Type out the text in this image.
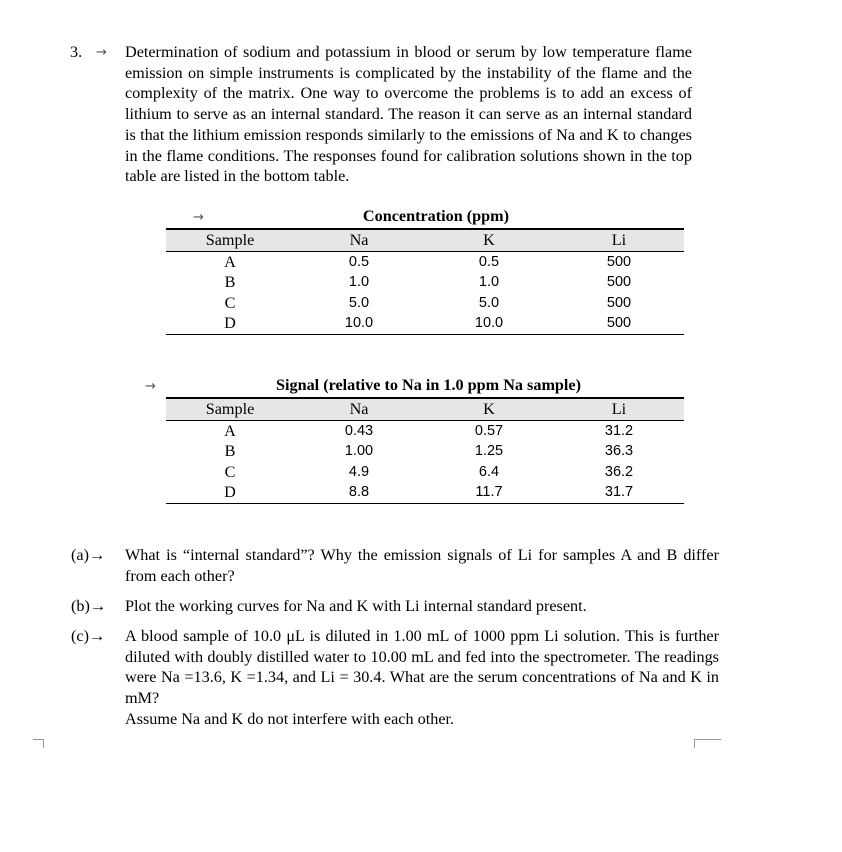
3. → Determination of sodium and potassium in blood or serum by low temperature flame emission on simple instruments is complicated by the instability of the flame and the complexity of the matrix. One way to overcome the problems is to add an excess of lithium to serve as an internal standard. The reason it can serve as an internal standard is that the lithium emission responds similarly to the emissions of Na and K to changes in the flame conditions. The responses found for calibration solutions shown in the top table are listed in the bottom table.

→	Concentration (ppm)
Sample	Na	K	Li
A	0.5	0.5	500
B	1.0	1.0	500
C	5.0	5.0	500
D	10.0	10.0	500
→	Signal (relative to Na in 1.0 ppm Na sample)
Sample	Na	K	Li
A	0.43	0.57	31.2
B	1.00	1.25	36.3
C	4.9	6.4	36.2
D	8.8	11.7	31.7
(a)→ What is “internal standard”? Why the emission signals of Li for samples A and B differ from each other?
(b)→ Plot the working curves for Na and K with Li internal standard present.
(c)→ A blood sample of 10.0 μL is diluted in 1.00 mL of 1000 ppm Li solution. This is further diluted with doubly distilled water to 10.00 mL and fed into the spectrometer. The readings were Na =13.6, K =1.34, and Li = 30.4. What are the serum concentrations of Na and K in mM?
Assume Na and K do not interfere with each other.
